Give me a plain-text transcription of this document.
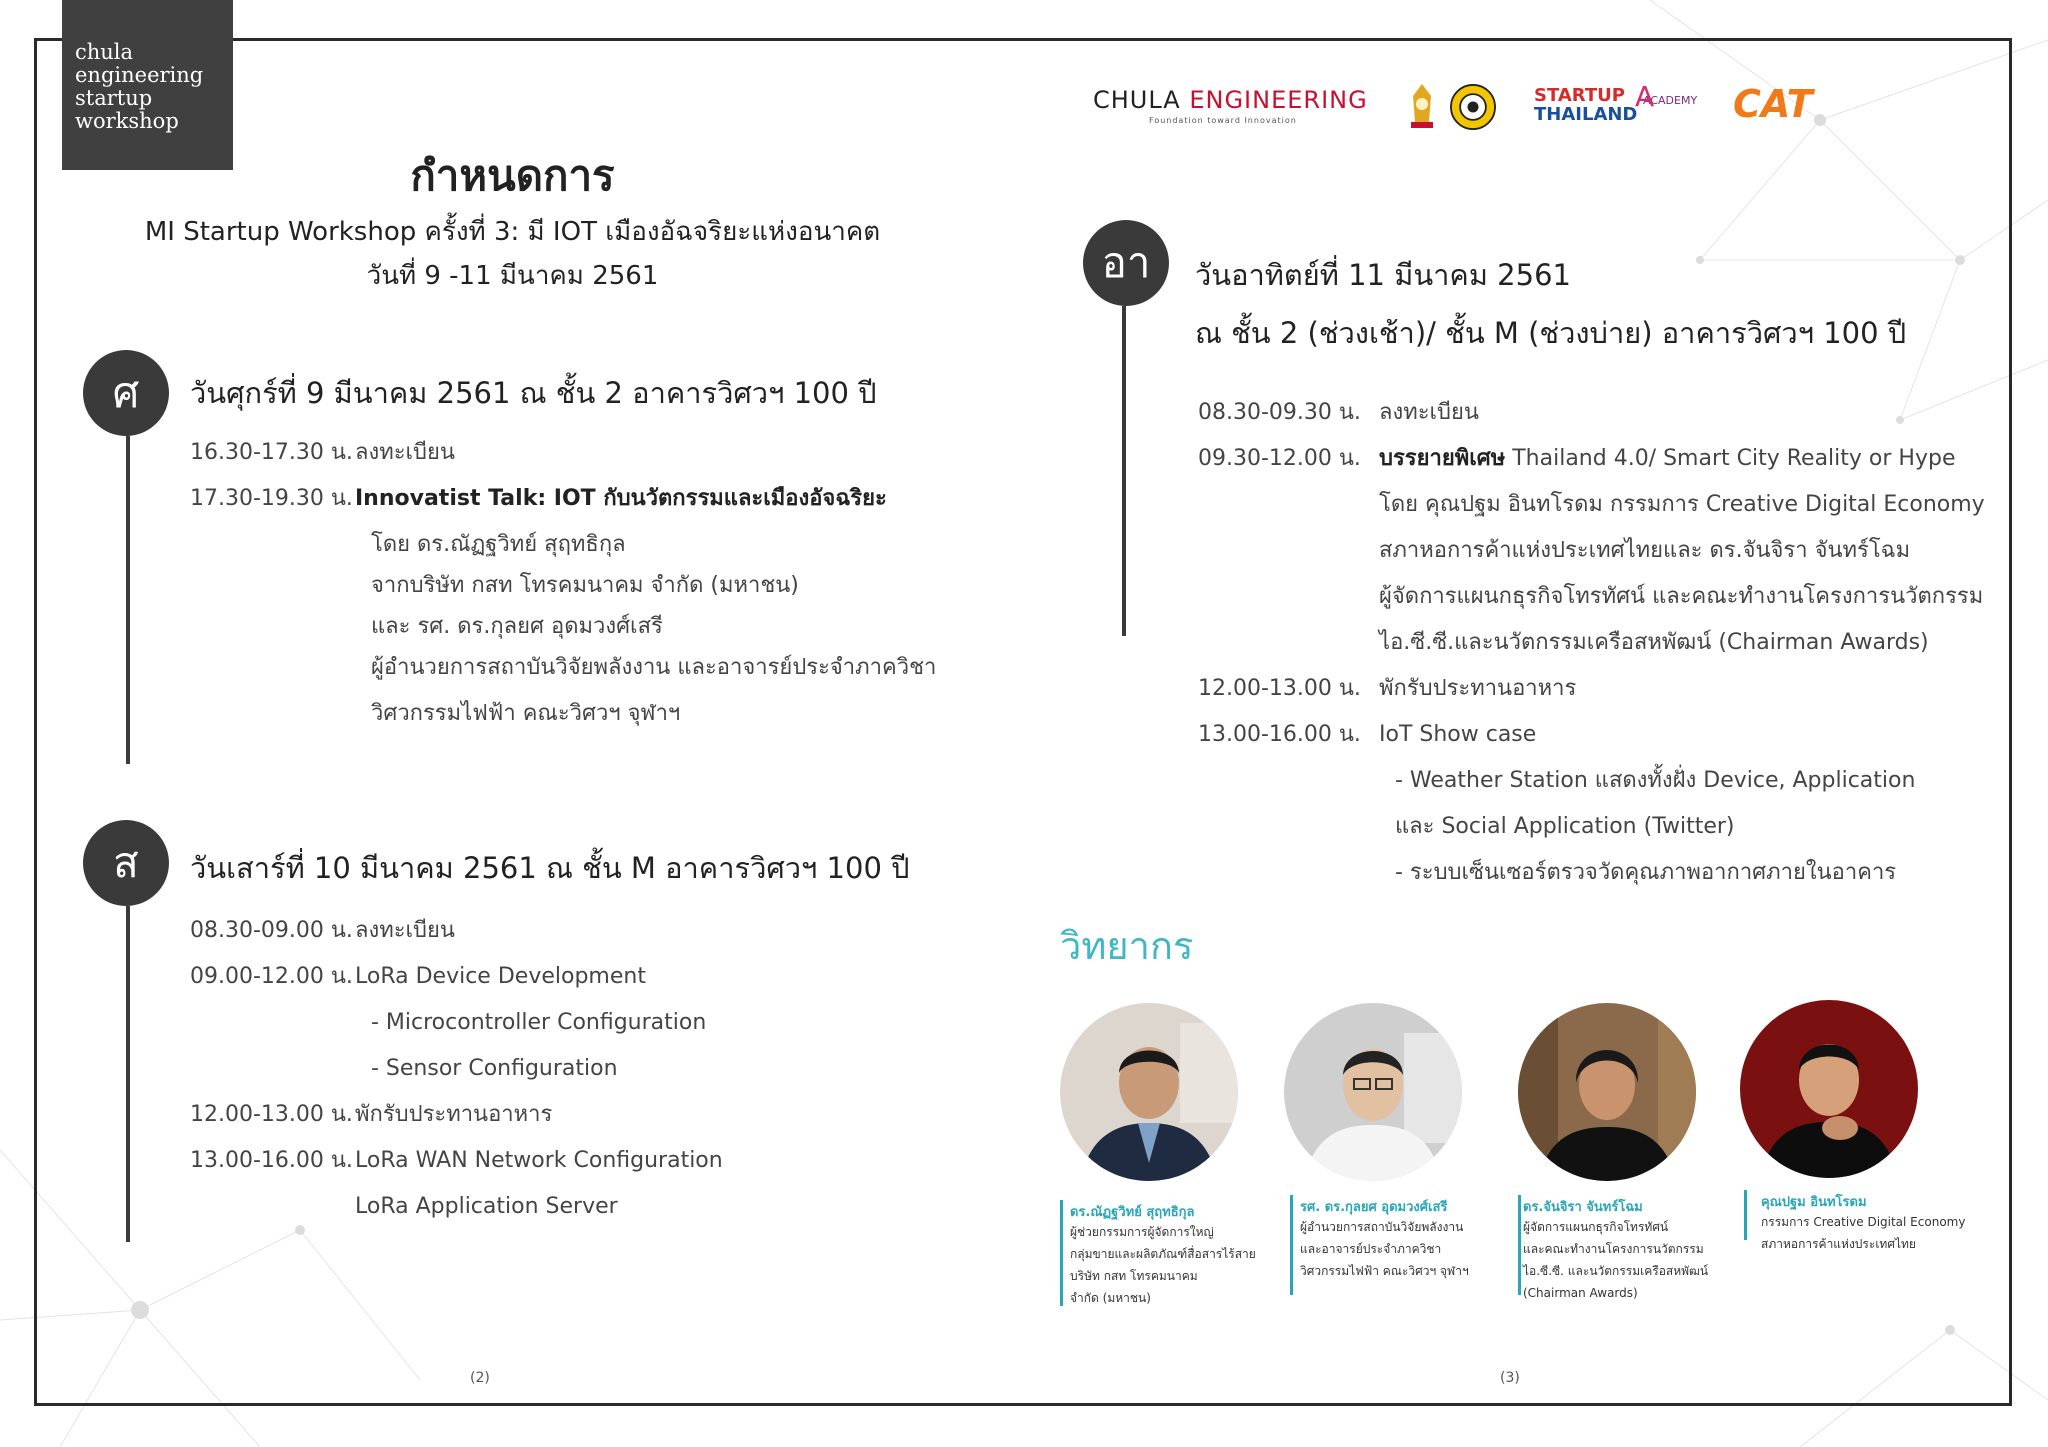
chula
engineering
startup
workshop
กำหนดการ
MI Startup Workshop ครั้งที่ 3: มี IOT เมืองอัฉจริยะแห่งอนาคต
วันที่ 9 -11 มีนาคม 2561
ศ	วันศุกร์ที่ 9 มีนาคม 2561 ณ ชั้น 2 อาคารวิศวฯ 100 ปี
16.30-17.30 น. ลงทะเบียน
17.30-19.30 น. Innovatist Talk: IOT กับนวัตกรรมและเมืองอัจฉริยะ
โดย ดร.ณัฏฐวิทย์ สุฤทธิกุล
จากบริษัท กสท โทรคมนาคม จำกัด (มหาชน)
และ รศ. ดร.กุลยศ อุดมวงศ์เสรี
ผู้อำนวยการสถาบันวิจัยพลังงาน และอาจารย์ประจำภาควิชา
วิศวกรรมไฟฟ้า คณะวิศวฯ จุฬาฯ
ส	วันเสาร์ที่ 10 มีนาคม 2561 ณ ชั้น M อาคารวิศวฯ 100 ปี
08.30-09.00 น. ลงทะเบียน
09.00-12.00 น. LoRa Device Development
- Microcontroller Configuration
- Sensor Configuration
12.00-13.00 น. พักรับประทานอาหาร
13.00-16.00 น. LoRa WAN Network Configuration
LoRa Application Server
CHULA ENGINEERING
Foundation toward Innovation
STARTUP
THAILAND
A
ACADEMY CAT
อา	วันอาทิตย์ที่ 11 มีนาคม 2561
ณ ชั้น 2 (ช่วงเช้า)/ ชั้น M (ช่วงบ่าย) อาคารวิศวฯ 100 ปี
08.30-09.30 น. ลงทะเบียน
09.30-12.00 น. บรรยายพิเศษ Thailand 4.0/ Smart City Reality or Hype
โดย คุณปฐม อินทโรดม กรรมการ Creative Digital Economy
สภาหอการค้าแห่งประเทศไทยและ ดร.จันจิรา จันทร์โฉม
ผู้จัดการแผนกธุรกิจโทรทัศน์ และคณะทำงานโครงการนวัตกรรม
ไอ.ซี.ซี.และนวัตกรรมเครือสหพัฒน์ (Chairman Awards)
12.00-13.00 น. พักรับประทานอาหาร
13.00-16.00 น. IoT Show case
- Weather Station แสดงทั้งฝั่ง Device, Application
และ Social Application (Twitter)
- ระบบเซ็นเซอร์ตรวจวัดคุณภาพอากาศภายในอาคาร
วิทยากร
ดร.ณัฏฐวิทย์ สุฤทธิกุล
ผู้ช่วยกรรมการผู้จัดการใหญ่
กลุ่มขายและผลิตภัณฑ์สื่อสารไร้สาย
บริษัท กสท โทรคมนาคม
จำกัด (มหาชน)
รศ. ดร.กุลยศ อุดมวงศ์เสรี
ผู้อำนวยการสถาบันวิจัยพลังงาน
และอาจารย์ประจำภาควิชา
วิศวกรรมไฟฟ้า คณะวิศวฯ จุฬาฯ
ดร.จันจิรา จันทร์โฉม
ผู้จัดการแผนกธุรกิจโทรทัศน์
และคณะทำงานโครงการนวัตกรรม
ไอ.ซี.ซี. และนวัตกรรมเครือสหพัฒน์
(Chairman Awards)
คุณปฐม อินทโรดม
กรรมการ Creative Digital Economy
สภาหอการค้าแห่งประเทศไทย
(2)	(3)
